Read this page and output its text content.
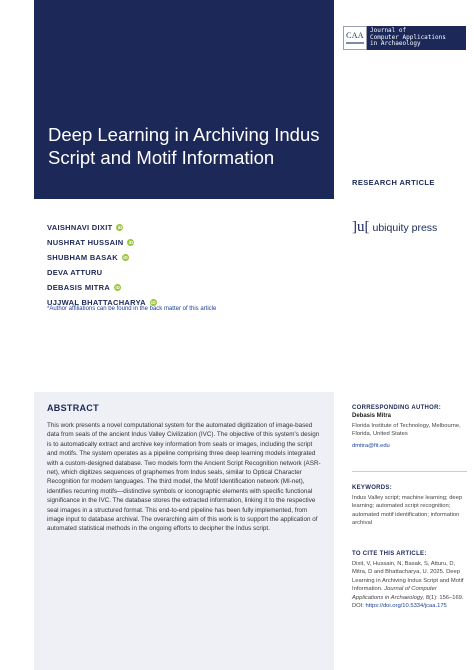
Deep Learning in Archiving Indus Script and Motif Information
CAA
Journal of
Computer Applications
in Archaeology
RESEARCH ARTICLE
]u[ ubiquity press
VAISHNAVI DIXIT iD
NUSHRAT HUSSAIN iD
SHUBHAM BASAK iD
DEVA ATTURU
DEBASIS MITRA iD
UJJWAL BHATTACHARYA iD
*Author affiliations can be found in the back matter of this article
ABSTRACT

This work presents a novel computational system for the automated digitization of image-based data from seals of the ancient Indus Valley Civilization (IVC). The objective of this system's design is to automatically extract and archive key information from seals or images, including the script and motifs. The system operates as a pipeline comprising three deep learning models integrated with a custom-designed database. Two models form the Ancient Script Recognition network (ASR-net), which digitizes sequences of graphemes from Indus seals, similar to Optical Character Recognition for modern languages. The third model, the Motif Identification network (MI-net), identifies recurring motifs—distinctive symbols or iconographic elements with specific functional significance in the IVC. The database stores the extracted information, linking it to the respective seal images in a structured format. This end-to-end pipeline has been fully implemented, from image input to database archival. The overarching aim of this work is to support the application of automated statistical methods in the ongoing efforts to decipher the Indus script.

CORRESPONDING AUTHOR:
Debasis Mitra
Florida Institute of Technology, Melbourne, Florida, United States
dmitra@fit.edu
KEYWORDS:
Indus Valley script; machine learning; deep learning; automated script recognition; automated motif identification; information archival
TO CITE THIS ARTICLE:
Dixit, V, Hussain, N, Basak, S, Atturu, D, Mitra, D and Bhattacharya, U. 2025. Deep Learning in Archiving Indus Script and Motif Information. Journal of Computer Applications in Archaeology, 8(1): 156–169. DOI: https://doi.org/10.5334/jcaa.175
